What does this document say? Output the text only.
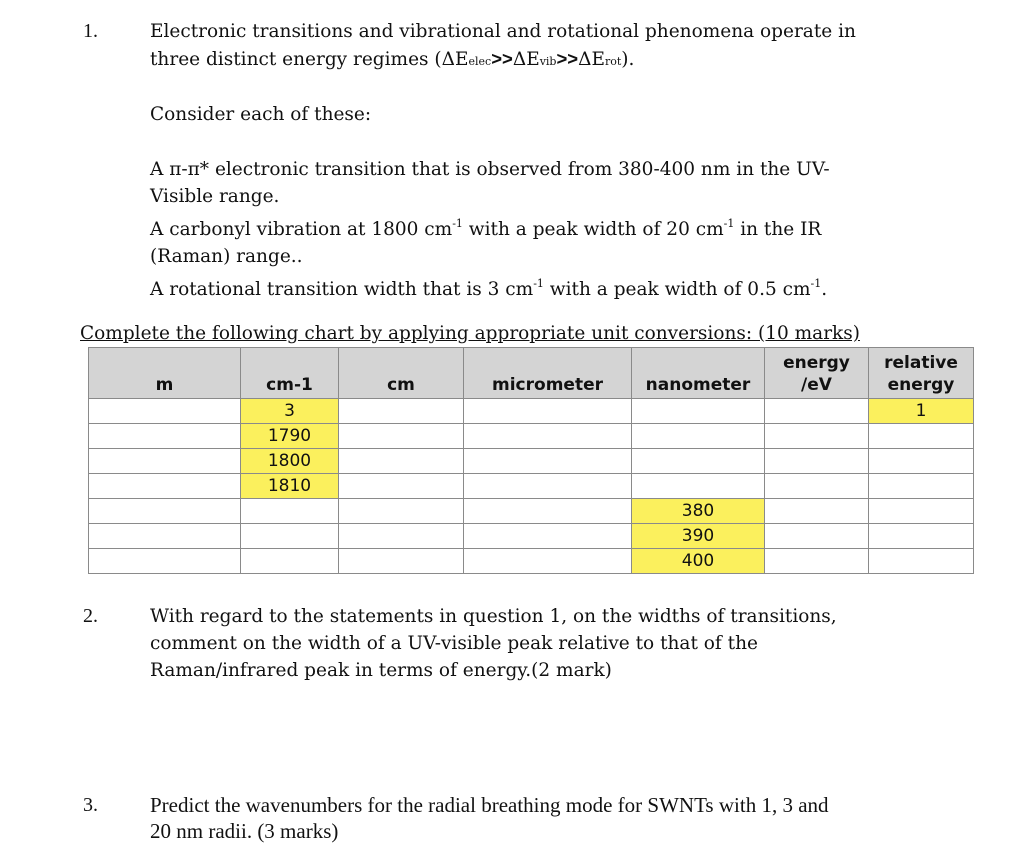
1.	Electronic transitions and vibrational and rotational phenomena operate in
three distinct energy regimes (ΔEelec>>ΔEvib>>ΔErot).
Consider each of these:
A π-π* electronic transition that is observed from 380-400 nm in the UV-
Visible range.
A carbonyl vibration at 1800 $cm^{-1}$ with a peak width of 20 $cm^{-1}$ in the IR
(Raman) range..
A rotational transition width that is 3 $cm^{-1}$ with a peak width of 0.5 $cm^{-1}$.
Complete the following chart by applying appropriate unit conversions: (10 marks)
m	cm-1	cm	micrometer	nanometer	energy /eV	relative energy
	3					1
	1790					
	1800					
	1810					
				380		
				390		
				400		
2.	With regard to the statements in question 1, on the widths of transitions,
comment on the width of a UV-visible peak relative to that of the
Raman/infrared peak in terms of energy.(2 mark)
3. Predict the wavenumbers for the radial breathing mode for SWNTs with 1, 3 and
20 nm radii. (3 marks)
